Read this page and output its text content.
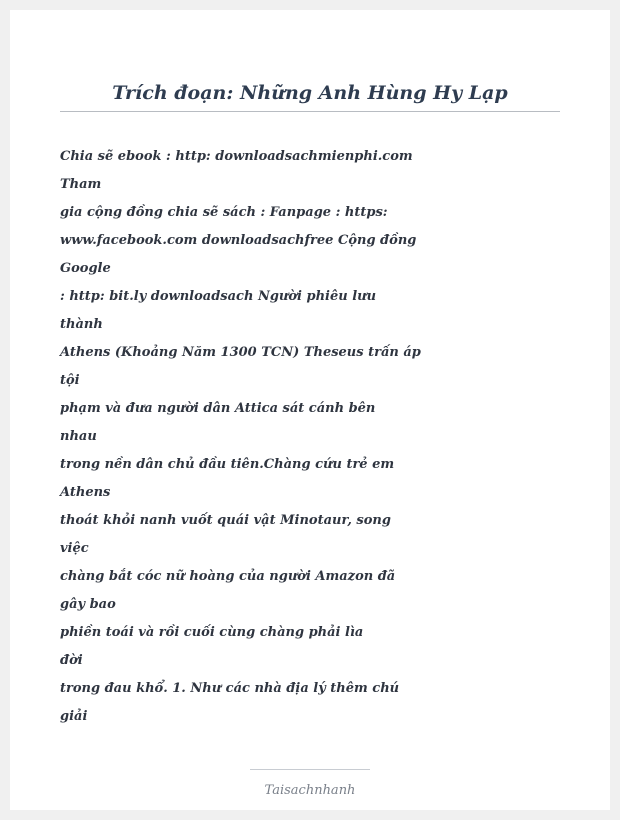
Trích đoạn: Những Anh Hùng Hy Lạp
Chia sẽ ebook : http: downloadsachmienphi.com
Tham
gia cộng đồng chia sẽ sách : Fanpage : https:
www.facebook.com downloadsachfree Cộng đồng
Google
: http: bit.ly downloadsach Người phiêu lưu
thành
Athens (Khoảng Năm 1300 TCN) Theseus trấn áp
tội
phạm và đưa người dân Attica sát cánh bên
nhau
trong nền dân chủ đầu tiên.Chàng cứu trẻ em
Athens
thoát khỏi nanh vuốt quái vật Minotaur, song
việc
chàng bắt cóc nữ hoàng của người Amazon đã
gây bao
phiền toái và rồi cuối cùng chàng phải lìa
đời
trong đau khổ. 1. Như các nhà địa lý thêm chú
giải
Taisachnhanh
